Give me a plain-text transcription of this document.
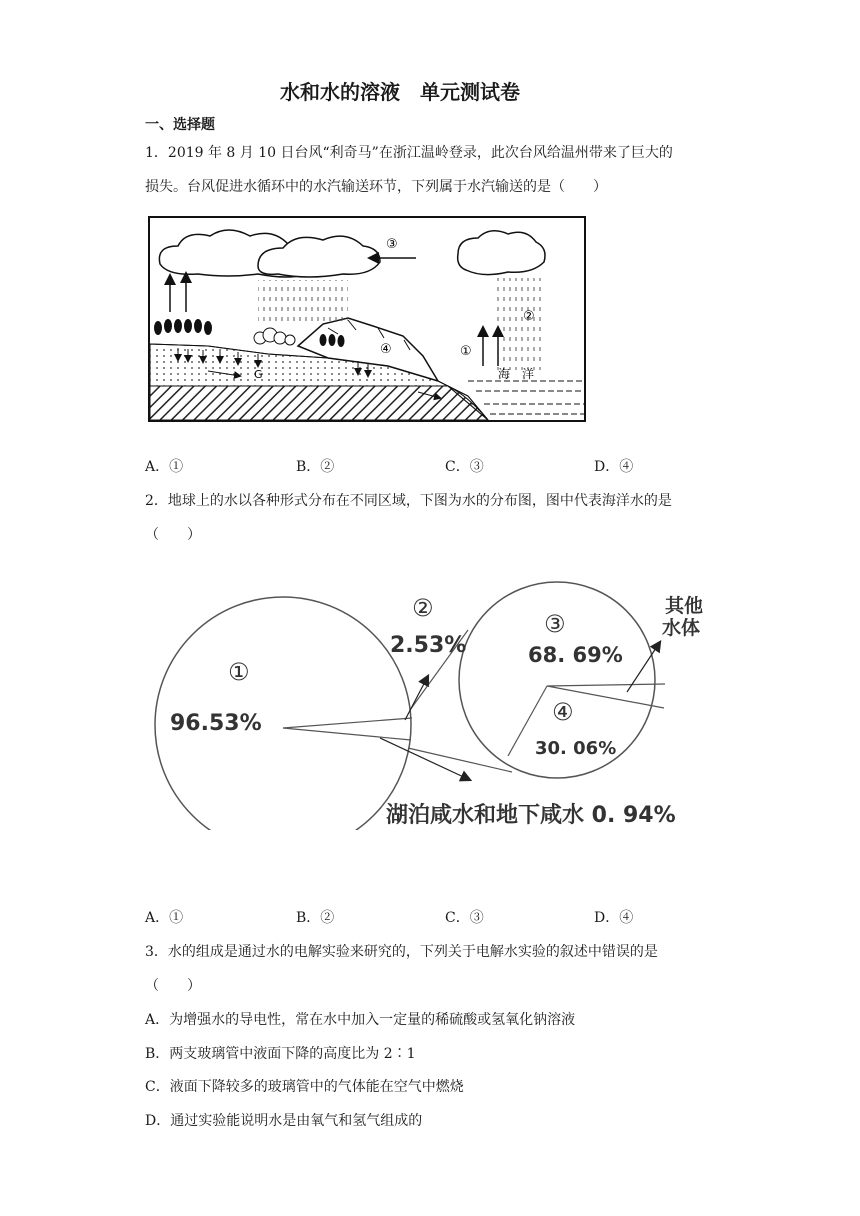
水和水的溶液　单元测试卷
一、选择题
1．2019 年 8 月 10 日台风“利奇马”在浙江温岭登录，此次台风给温州带来了巨大的
损失。台风促进水循环中的水汽输送环节，下列属于水汽输送的是（　　）
③
①
②
④
海　洋
G
A．①	B．②	C．③	D．④
2．地球上的水以各种形式分布在不同区域，下图为水的分布图，图中代表海洋水的是
（　　）
①
96.53%
②
2.53%
③
68. 69%
④
30. 06%
其他
水体
湖泊咸水和地下咸水 0. 94%
A．①	B．②	C．③	D．④
3．水的组成是通过水的电解实验来研究的，下列关于电解水实验的叙述中错误的是
（　　）
A．为增强水的导电性，常在水中加入一定量的稀硫酸或氢氧化钠溶液
B．两支玻璃管中液面下降的高度比为 2∶1
C．液面下降较多的玻璃管中的气体能在空气中燃烧
D．通过实验能说明水是由氧气和氢气组成的
